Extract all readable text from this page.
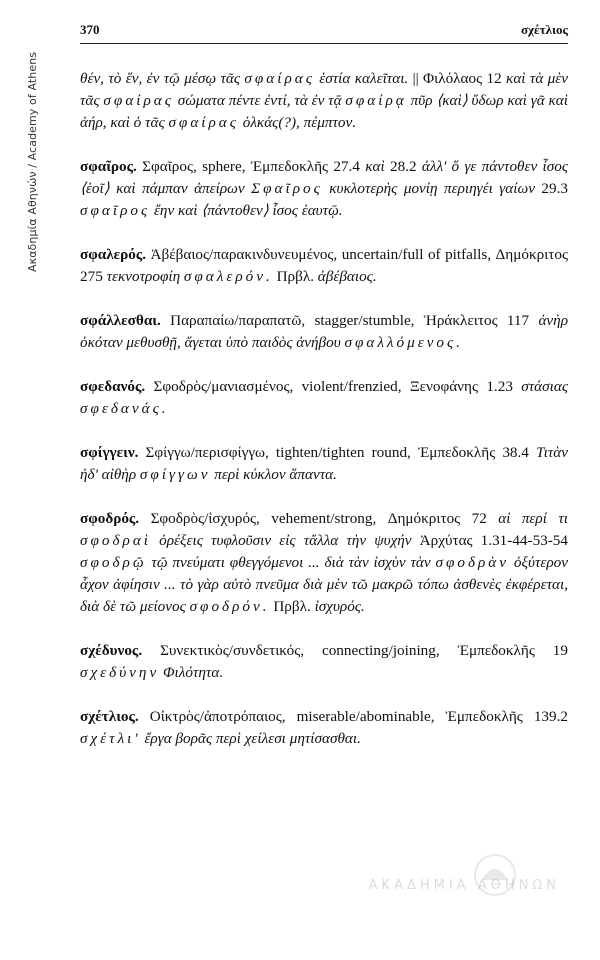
Ακαδημία Αθηνών / Academy of Athens
370	σχέτλιος

θέν, τὸ ἕν, ἐν τῷ μέσῳ τᾶς σφαίρας ἑστία καλεῖται. || Φιλόλαος 12 καὶ τὰ μὲν τᾶς σφαίρας σώματα πέντε ἐντί, τὰ ἐν τᾷ σφαίρᾳ πῦρ ⟨καὶ⟩ ὕδωρ καὶ γᾶ καὶ ἀήρ, καὶ ὁ τᾶς σφαίρας ὁλκάς(?), πέμπτον.

σφαῖρος. Σφαῖρος, sphere, Ἐμπεδοκλῆς 27.4 καὶ 28.2 ἀλλ' ὅ γε πάντοθεν ἶσος ⟨ἑοῖ⟩ καὶ πάμπαν ἀπείρων Σφαῖρος κυκλοτερὴς μονίῃ περιηγέι γαίων 29.3 σφαῖρος ἔην καὶ ⟨πάντοθεν⟩ ἶσος ἑαυτῷ.

σφαλερός. Ἀβέβαιος/παρακινδυνευμένος, uncertain/full of pitfalls, Δημόκριτος 275 τεκνοτροφίη σφαλερόν. Πρβλ. ἀβέβαιος.

σφάλλεσθαι. Παραπαίω/παραπατῶ, stagger/stumble, Ἡράκλειτος 117 ἀνὴρ ὁκόταν μεθυσθῇ, ἄγεται ὑπὸ παιδὸς ἀνήβου σφαλλόμενος.

σφεδανός. Σφοδρὸς/μανιασμένος, violent/frenzied, Ξενοφάνης 1.23 στάσιας σφεδανάς.

σφίγγειν. Σφίγγω/περισφίγγω, tighten/tighten round, Ἐμπεδοκλῆς 38.4 Τιτὰν ἠδ' αἰθὴρ σφίγγων περὶ κύκλον ἅπαντα.

σφοδρός. Σφοδρὸς/ἰσχυρός, vehement/strong, Δημόκριτος 72 αἱ περί τι σφοδραὶ ὀρέξεις τυφλοῦσιν εἰς τἄλλα τὴν ψυχήν Ἀρχύτας 1.31-44-53-54 σφοδρῷ τῷ πνεύματι φθεγγόμενοι ... διὰ τὰν ἰσχὺν τὰν σφοδρὰν ὀξύτερον ἆχον ἀφίησιν ... τὸ γὰρ αὐτὸ πνεῦμα διὰ μὲν τῶ μακρῶ τόπω ἀσθενὲς ἐκφέρεται, διὰ δὲ τῶ μείονος σφοδρόν. Πρβλ. ἰσχυρός.

σχέδυνος. Συνεκτικὸς/συνδετικός, connecting/joining, Ἐμπεδοκλῆς 19 σχεδύνην Φιλότητα.

σχέτλιος. Οἰκτρὸς/ἀποτρόπαιος, miserable/abominable, Ἐμπεδοκλῆς 139.2 σχέτλι' ἔργα βορᾶς περὶ χείλεσι μητίσασθαι.

ΑΚΑΔΗΜΙΑ ΑΘΗΝΩΝ
